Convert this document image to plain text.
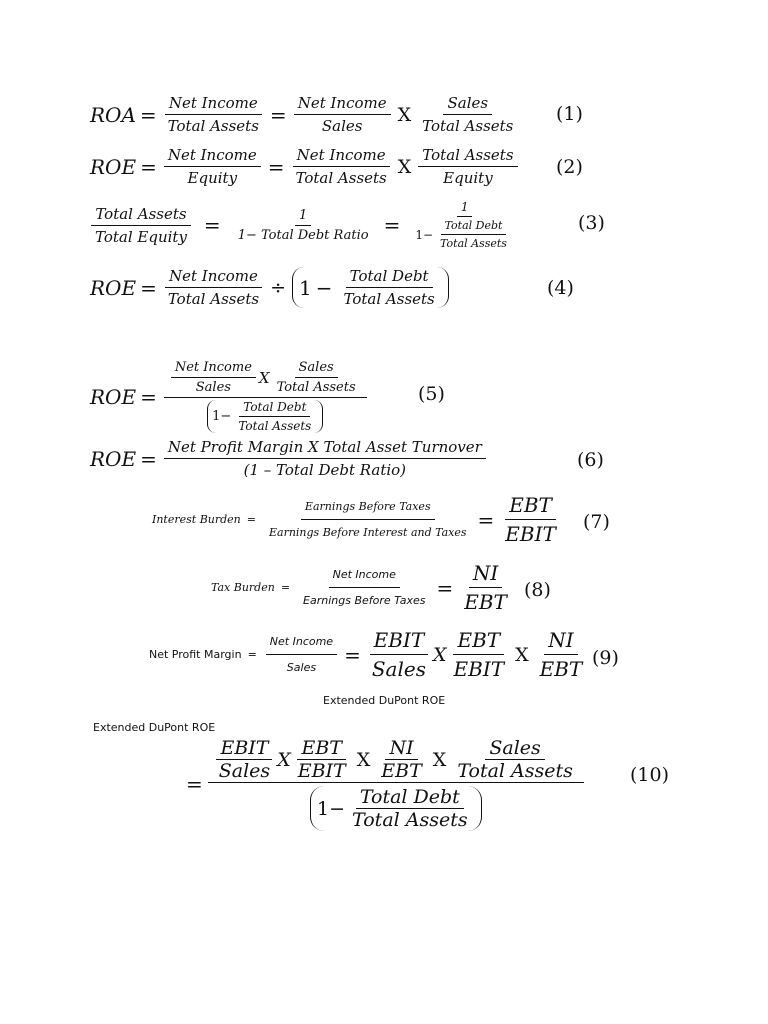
ROA = $\frac{\text{Net Income}}{\text{Total Assets}} = \frac{\text{Net Income}}{\text{Sales}}$ X $\frac{\text{Sales}}{\text{Total Assets}} (1)$
ROE = $\frac{\text{Net Income}}{\text{Equity}} = \frac{\text{Net Income}}{\text{Total Assets}}$ X $\frac{\text{Total Assets}}{\text{Equity}} (2)$
$\frac{\text{Total Assets}}{\text{Total Equity}}$ =	$\frac{1}{\text{1− Total Debt Ratio}} = \frac{1}{1- \frac{\text{Total Debt}}{\text{Total Assets}}}$	(3)
ROE = $\frac{\text{Net Income}}{\text{Total Assets}} \div 1 - \frac{\text{Total Debt}}{\text{Total Assets}}$	(4)
ROE =
$\frac{\text{Net Income}}{\text{Sales}}$ X $\frac{\text{Sales}}{\text{Total Assets}}$
$1- \frac{\text{Total Debt}}{\text{Total Assets}}$
(5)
ROE = $\frac{\text{Net Profit Margin X Total Asset Turnover}}{\text{(1 – Total Debt Ratio)}}$	(6)
Interest Burden = $\frac{\text{Earnings Before Taxes}}{\text{Earnings Before Interest and Taxes}} = \frac{\text{EBT}}{\text{EBIT}} (7)$
Tax Burden = $\frac{\text{Net Income}}{\text{Earnings Before Taxes}} = \frac{NI}{\text{EBT}} (8)$
Net Profit Margin = $\frac{\text{Net Income}}{\text{Sales}} = \frac{\text{EBIT}}{\text{Sales}}$ X $\frac{\text{EBT}}{\text{EBIT}}$ X $\frac{NI}{\text{EBT}} (9)$
Extended DuPont ROE
Extended DuPont ROE
=
$\frac{\text{EBIT}}{\text{Sales}}$ X $\frac{\text{EBT}}{\text{EBIT}}$ X $\frac{NI}{\text{EBT}}$ X $\frac{\text{Sales}}{\text{Total Assets}}$
$1- \frac{\text{Total Debt}}{\text{Total Assets}}$
(10)
